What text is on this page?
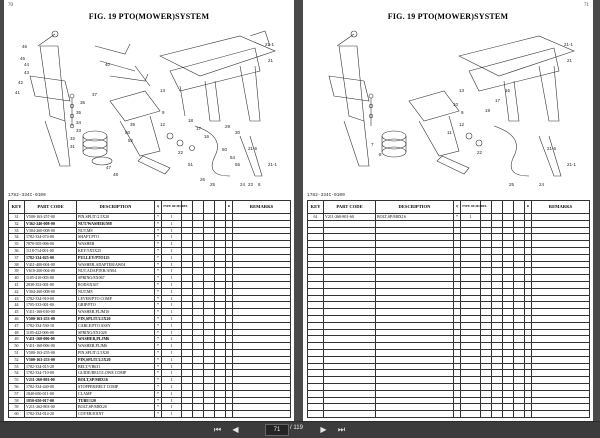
70
FIG. 19 PTO(MOWER)SYSTEM
46
45
44
43
42
41
40
21-1
21
37
36
35
34
33
32
31
13
9
39
18
17
16
48
47
12
50
52
22
29
30
60
54
55
21-6
24 23 8
21-1
25
26
51
1782-334C-0100
KEY	PART CODE	DESCRIPTION	Q	TYPE OF MODEL					R	REMARKS
31	V500-163-257-00	PIN,SPLIT/2.5X20	*	1						
32	V362-240-008-00	NUT/WASHER/M8	*	1						
33	V304-260-008-00	NUT,M8	*	1						
34	1782-334-074-00	SHAFT,PTO	*	1						
35	7870-505-006-00	WASHER	*	1						
36	1118-714-001-00	KEY/5X5X25	*	1						
37	1782-334-025-00	PULLEY/PTO125	*	1						
38	V411-400-004-00	WASHER,ADAPTER/AW04	*	1						
39	V610-200-004-00	NUT,ADAPTER/AN04	*	1						
40	1105-410-003-00	SPRING/EX067	*	1						
41	2838-352-001-00	ROD/6X367	*	1						
42	V304-260-008-00	NUT,M8	*	1						
43	1782-334-910-00	LEVER/PTO COMP	*	1						
44	1705-333-001-00	GRIP/PTO	*	1						
45	V411-160-010-00	WASHER,PLJM10	*	1						
46	V500-163-253-00	PIN,SPLIT/2.5X20	*	1						
47	1782-334-530-10	CABLE/PTO ASSY	*	1						
48	1105-422-006-00	SPRING/EX1028	*	1						
49	V411-160-006-00	WASHER,PLJM6	*	1						
50	V411-160-006-00	WASHER,PLJM6	*	1						
51	V500-163-255-00	PIN,SPLIT/2.5X20	*	1						
52	V500-163-253-00	PIN,SPLIT/2.5X20	*	1						
53	1782-334-015-20	BELT/VB631	*	1						
54	1782-334-710-00	GUIDE/BELT/LOWE COMP	*	1						
55	V211-260-803-00	BOLT,SP/M8X16	*	1						
56	1782-334-440-00	STOPPER/BELT COMP	*	1						
57	1840-650-011-00	CLAMP	*	1						
58	1850-650-017-00	TUBE/120	*	1						
59	V211-262-803-00	BOLT,SP/M8X20	*	1						
60	1782-334-014-20	COVER/JOINT	*	1						
71
FIG. 19 PTO(MOWER)SYSTEM
21-1
16
13
17
19
7
8
21
22
12
11
24
25
21-6
21-1
9
10
1782-334C-0100
KEY	PART CODE	DESCRIPTION	Q	TYPE OF MODEL					R	REMARKS
61	V211-260-801-60	BOLT,SP/M8X16	*	1						

⏮	◀	71	/ 119	▶	⏭
